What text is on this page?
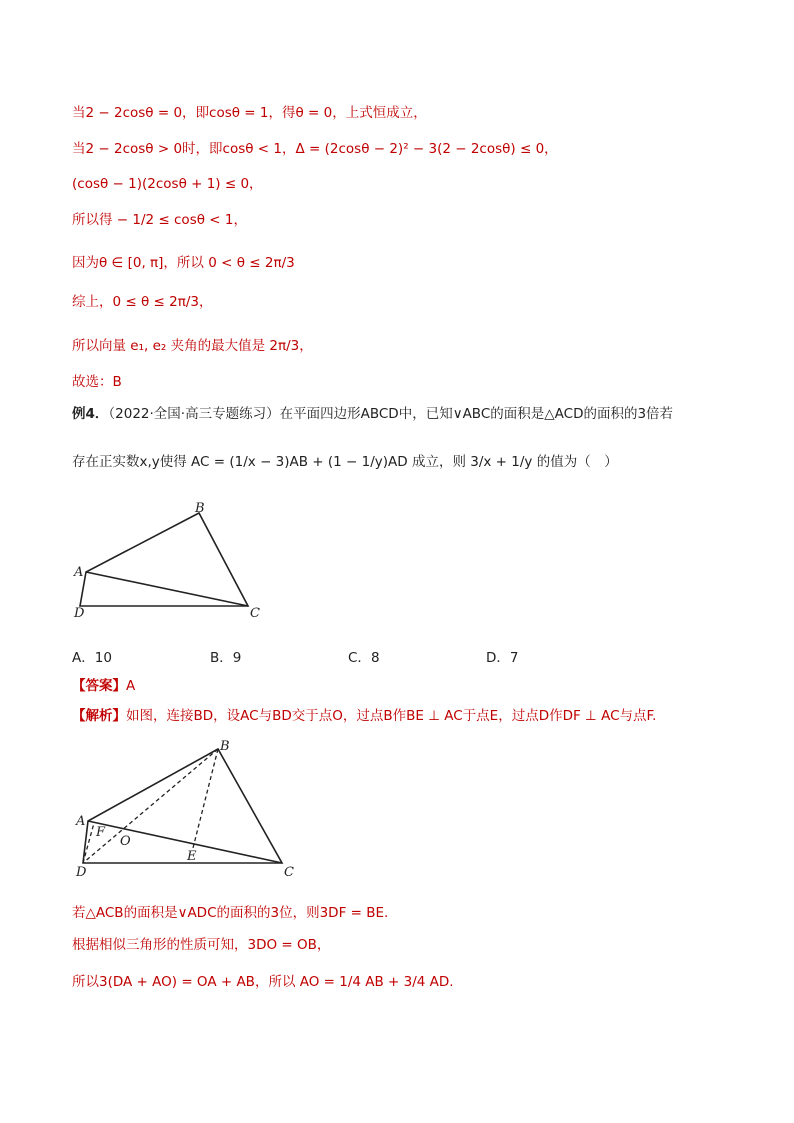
当2 − 2cosθ = 0，即cosθ = 1，得θ = 0，上式恒成立，
当2 − 2cosθ > 0时，即cosθ < 1，Δ = (2cosθ − 2)² − 3(2 − 2cosθ) ≤ 0，
(cosθ − 1)(2cosθ + 1) ≤ 0，
所以得 − 1/2 ≤ cosθ < 1，
因为θ ∈ [0, π]，所以 0 < θ ≤ 2π/3
综上，0 ≤ θ ≤ 2π/3，
所以向量 e₁, e₂ 夹角的最大值是 2π/3，
故选：B
例4．（2022·全国·高三专题练习）在平面四边形ABCD中，已知∨ABC的面积是△ACD的面积的3倍若
存在正实数x,y使得 AC = (1/x − 3)AB + (1 − 1/y)AD 成立，则 3/x + 1/y 的值为（　）
B
A
D	C
A．10	B．9	C．8	D．7
【答案】A
【解析】如图，连接BD，设AC与BD交于点O，过点B作BE ⊥ AC于点E，过点D作DF ⊥ AC与点F.
B
A
F
O
E
D	C
若△ACB的面积是∨ADC的面积的3位，则3DF = BE.
根据相似三角形的性质可知，3DO = OB，
所以3(DA + AO) = OA + AB，所以 AO = 1/4 AB + 3/4 AD.
